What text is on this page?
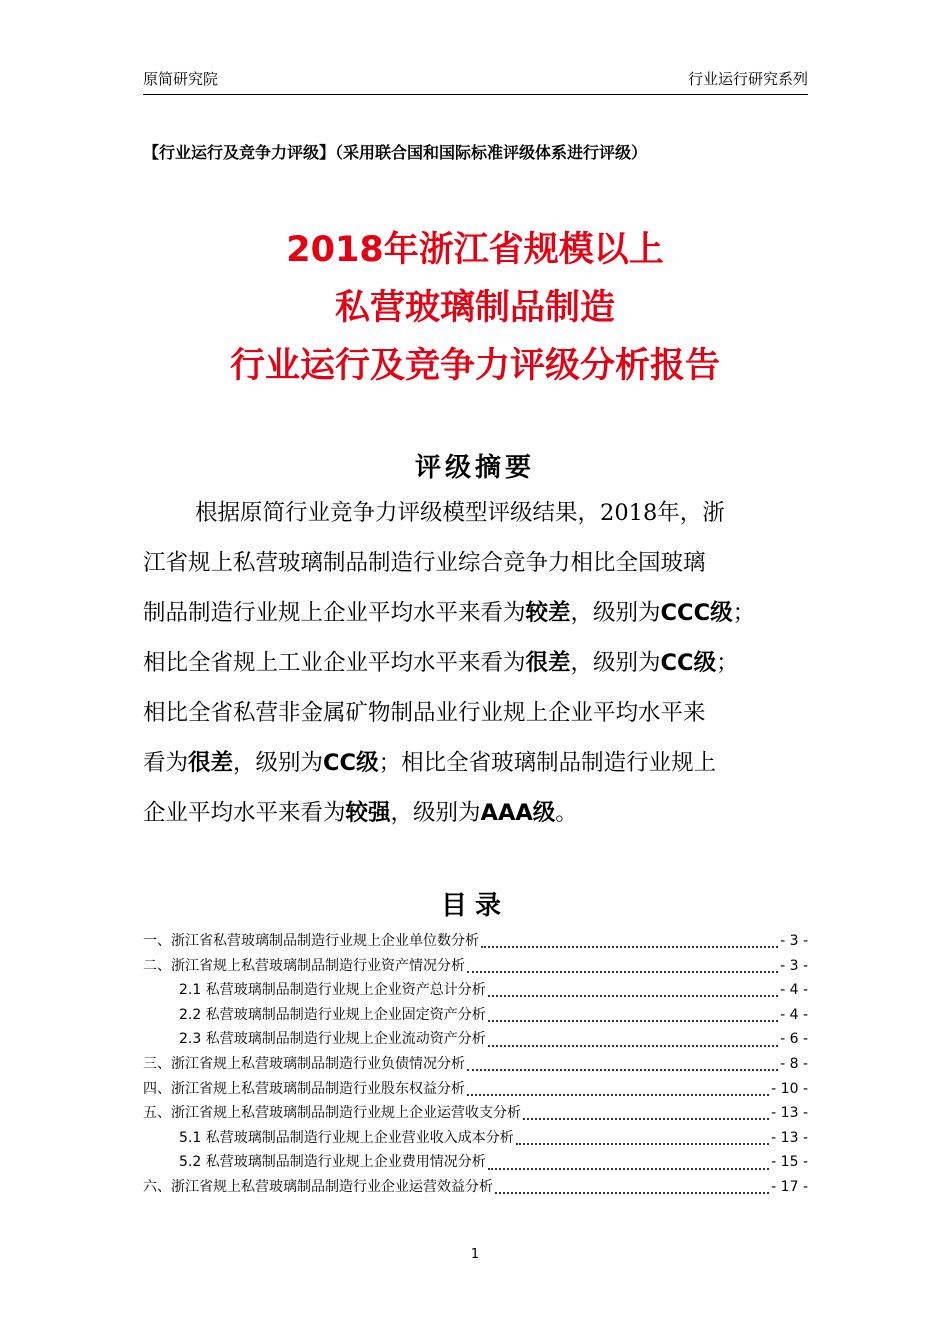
原简研究院	行业运行研究系列
【行业运行及竞争力评级】（采用联合国和国际标准评级体系进行评级）
2018年浙江省规模以上
私营玻璃制品制造
行业运行及竞争力评级分析报告
评级摘要
根据原简行业竞争力评级模型评级结果，2018年，浙
江省规上私营玻璃制品制造行业综合竞争力相比全国玻璃
制品制造行业规上企业平均水平来看为较差，级别为CCC级；
相比全省规上工业企业平均水平来看为很差，级别为CC级；
相比全省私营非金属矿物制品业行业规上企业平均水平来
看为很差，级别为CC级；相比全省玻璃制品制造行业规上
企业平均水平来看为较强，级别为AAA级。
目录
一、浙江省私营玻璃制品制造行业规上企业单位数分析	- 3 -
二、浙江省规上私营玻璃制品制造行业资产情况分析	- 3 -
2.1 私营玻璃制品制造行业规上企业资产总计分析	- 4 -
2.2 私营玻璃制品制造行业规上企业固定资产分析	- 4 -
2.3 私营玻璃制品制造行业规上企业流动资产分析	- 6 -
三、浙江省规上私营玻璃制品制造行业负债情况分析	- 8 -
四、浙江省规上私营玻璃制品制造行业股东权益分析	- 10 -
五、浙江省规上私营玻璃制品制造行业规上企业运营收支分析	- 13 -
5.1 私营玻璃制品制造行业规上企业营业收入成本分析	- 13 -
5.2 私营玻璃制品制造行业规上企业费用情况分析	- 15 -
六、浙江省规上私营玻璃制品制造行业企业运营效益分析	- 17 -
1
